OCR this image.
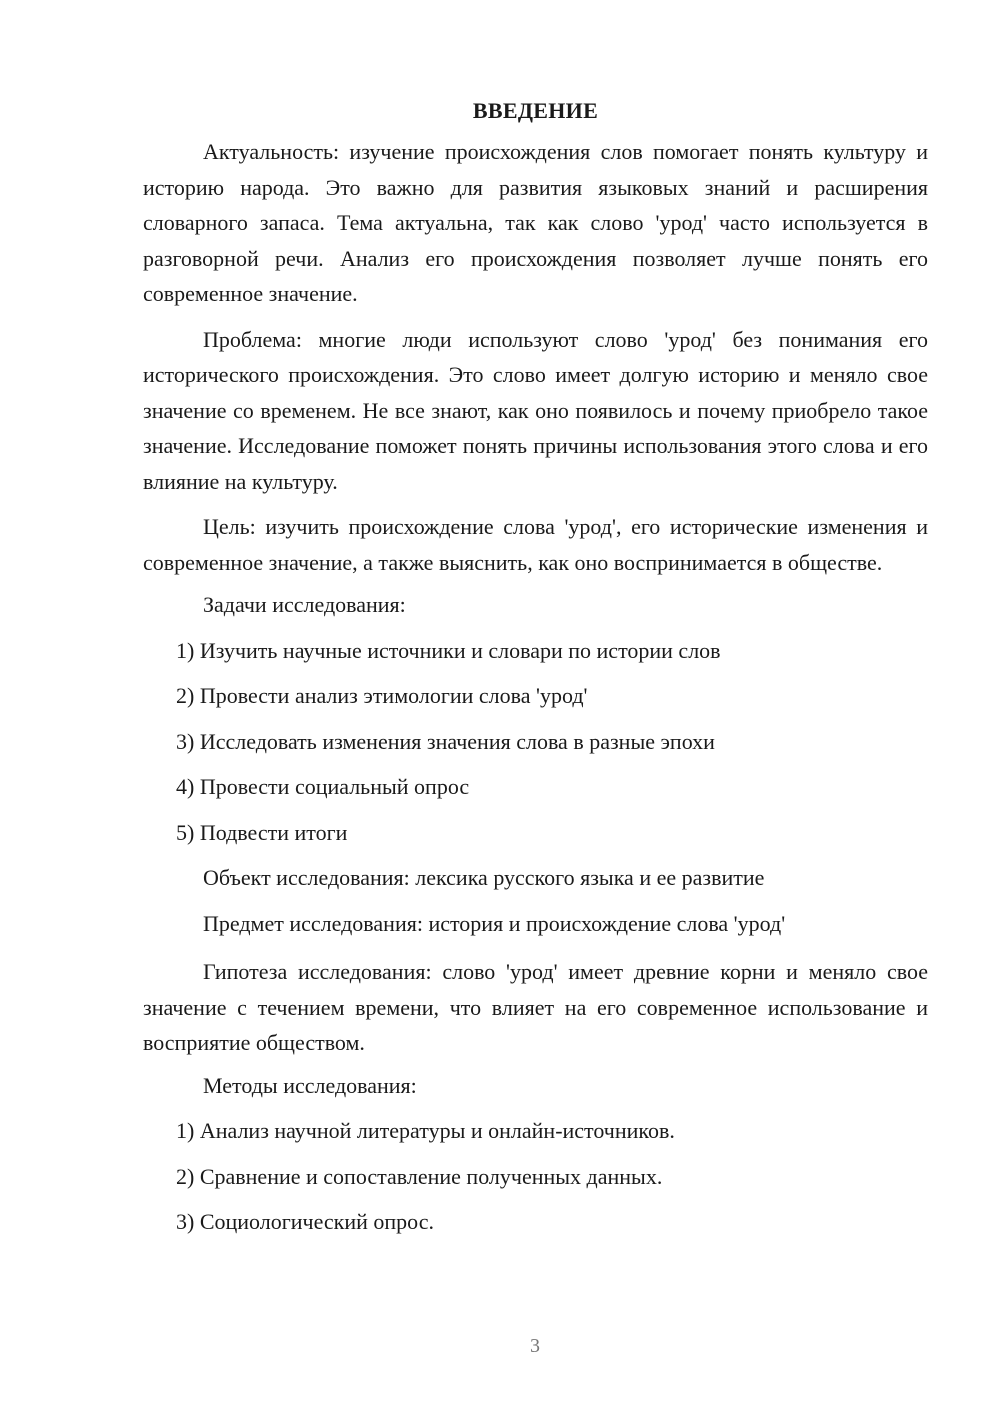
ВВЕДЕНИЕ

Актуальность: изучение происхождения слов помогает понять культуру и историю народа. Это важно для развития языковых знаний и расширения словарного запаса. Тема актуальна, так как слово 'урод' часто используется в разговорной речи. Анализ его происхождения позволяет лучше понять его современное значение.

Проблема: многие люди используют слово 'урод' без понимания его исторического происхождения. Это слово имеет долгую историю и меняло свое значение со временем. Не все знают, как оно появилось и почему приобрело такое значение. Исследование поможет понять причины использования этого слова и его влияние на культуру.

Цель: изучить происхождение слова 'урод', его исторические изменения и современное значение, а также выяснить, как оно воспринимается в обществе.

Задачи исследования:
1) Изучить научные источники и словари по истории слов
2) Провести анализ этимологии слова 'урод'
3) Исследовать изменения значения слова в разные эпохи
4) Провести социальный опрос
5) Подвести итоги
Объект исследования: лексика русского языка и ее развитие
Предмет исследования: история и происхождение слова 'урод'

Гипотеза исследования: слово 'урод' имеет древние корни и меняло свое значение с течением времени, что влияет на его современное использование и восприятие обществом.

Методы исследования:
1) Анализ научной литературы и онлайн-источников.
2) Сравнение и сопоставление полученных данных.
3) Социологический опрос.
3
